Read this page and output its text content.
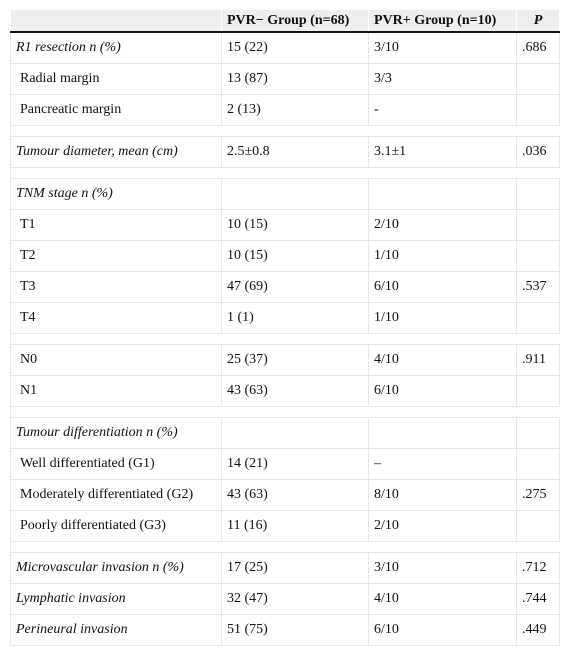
	PVR− Group (n=68)	PVR+ Group (n=10)	P
R1 resection n (%)	15 (22)	3/10	.686
Radial margin	13 (87)	3/3	
Pancreatic margin	2 (13)	-	

Tumour diameter, mean (cm)	2.5±0.8	3.1±1	.036

TNM stage n (%)			
T1	10 (15)	2/10	
T2	10 (15)	1/10	
T3	47 (69)	6/10	.537
T4	1 (1)	1/10	

N0	25 (37)	4/10	.911
N1	43 (63)	6/10	

Tumour differentiation n (%)			
Well differentiated (G1)	14 (21)	–	
Moderately differentiated (G2)	43 (63)	8/10	.275
Poorly differentiated (G3)	11 (16)	2/10	

Microvascular invasion n (%)	17 (25)	3/10	.712
Lymphatic invasion	32 (47)	4/10	.744
Perineural invasion	51 (75)	6/10	.449
